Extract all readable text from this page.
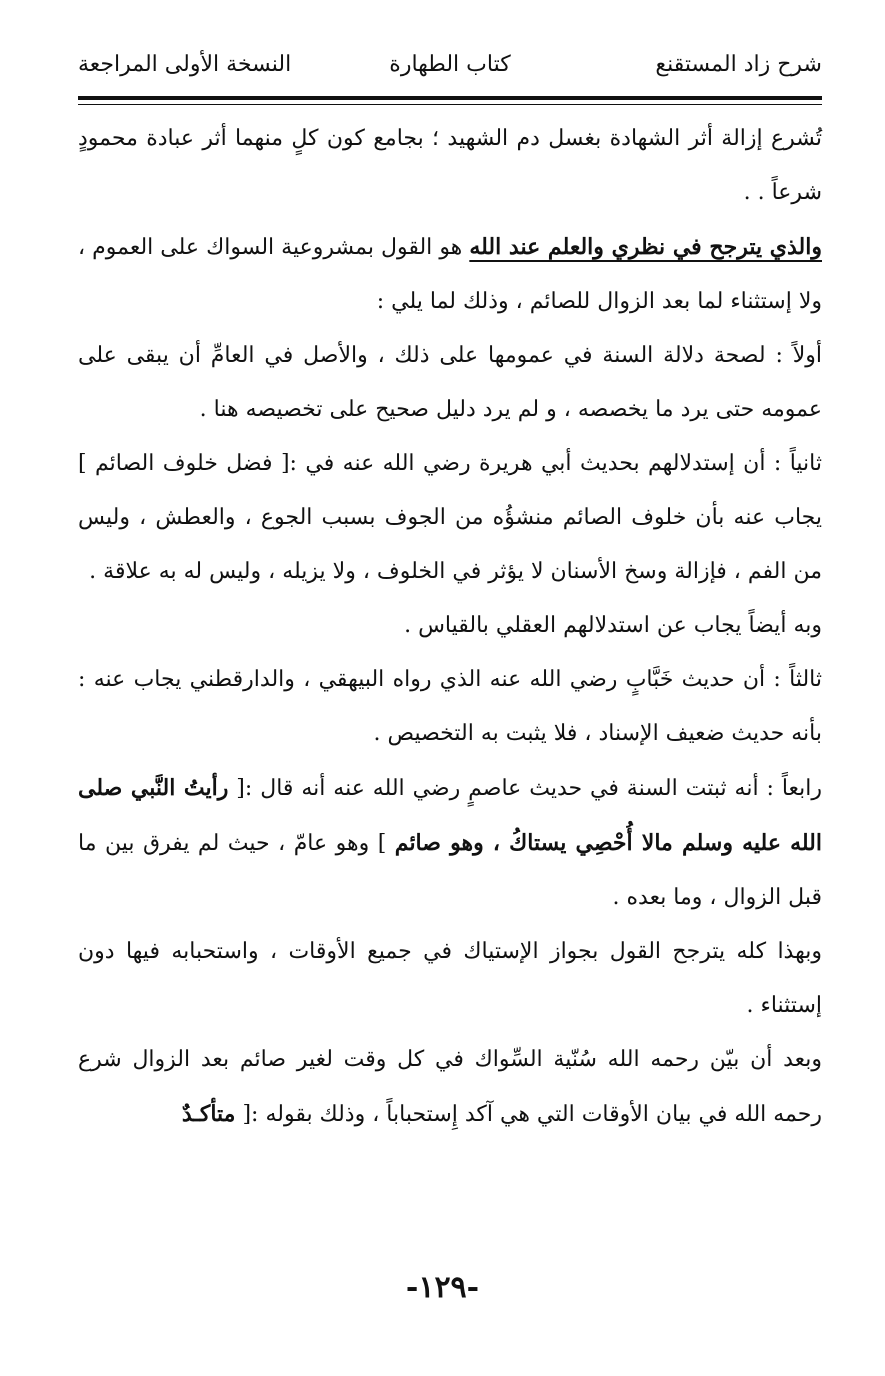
شرح زاد المستقنع
كتاب الطهارة
النسخة الأولى المراجعة

تُشرع إزالة أثر الشهادة بغسل دم الشهيد ؛ بجامع كون كلٍ منهما أثر عبادة محمودٍ شرعاً . .

والذي يترجح في نظري والعلم عند الله هو القول بمشروعية السواك على العموم ، ولا إستثناء لما بعد الزوال للصائم ، وذلك لما يلي :

أولاً : لصحة دلالة السنة في عمومها على ذلك ، والأصل في العامِّ أن يبقى على عمومه حتى يرد ما يخصصه ، و لم يرد دليل صحيح على تخصيصه هنا .

ثانياً : أن إستدلالهم بحديث أبي هريرة رضي الله عنه في :[ فضل خلوف الصائم ] يجاب عنه بأن خلوف الصائم منشؤُه من الجوف بسبب الجوع ، والعطش ، وليس من الفم ، فإزالة وسخ الأسنان لا يؤثر في الخلوف ، ولا يزيله ، وليس له به علاقة .

وبه أيضاً يجاب عن استدلالهم العقلي بالقياس .

ثالثاً : أن حديث خَبَّابٍ رضي الله عنه الذي رواه البيهقي ، والدارقطني يجاب عنه : بأنه حديث ضعيف الإسناد ، فلا يثبت به التخصيص .

رابعاً : أنه ثبتت السنة في حديث عاصمٍ رضي الله عنه أنه قال :[ رأيتُ النَّبي صلى الله عليه وسلم مالا أُحْصِي يستاكُ ، وهو صائم ] وهو عامّ ، حيث لم يفرق بين ما قبل الزوال ، وما بعده .

وبهذا كله يترجح القول بجواز الإستياك في جميع الأوقات ، واستحبابه فيها دون إستثناء .

وبعد أن بيّن رحمه الله سُنّية السِّواك في كل وقت لغير صائم بعد الزوال شرع رحمه الله في بيان الأوقات التي هي آكد إِستحباباً ، وذلك بقوله :[ متأكـدٌ

-١٢٩-
